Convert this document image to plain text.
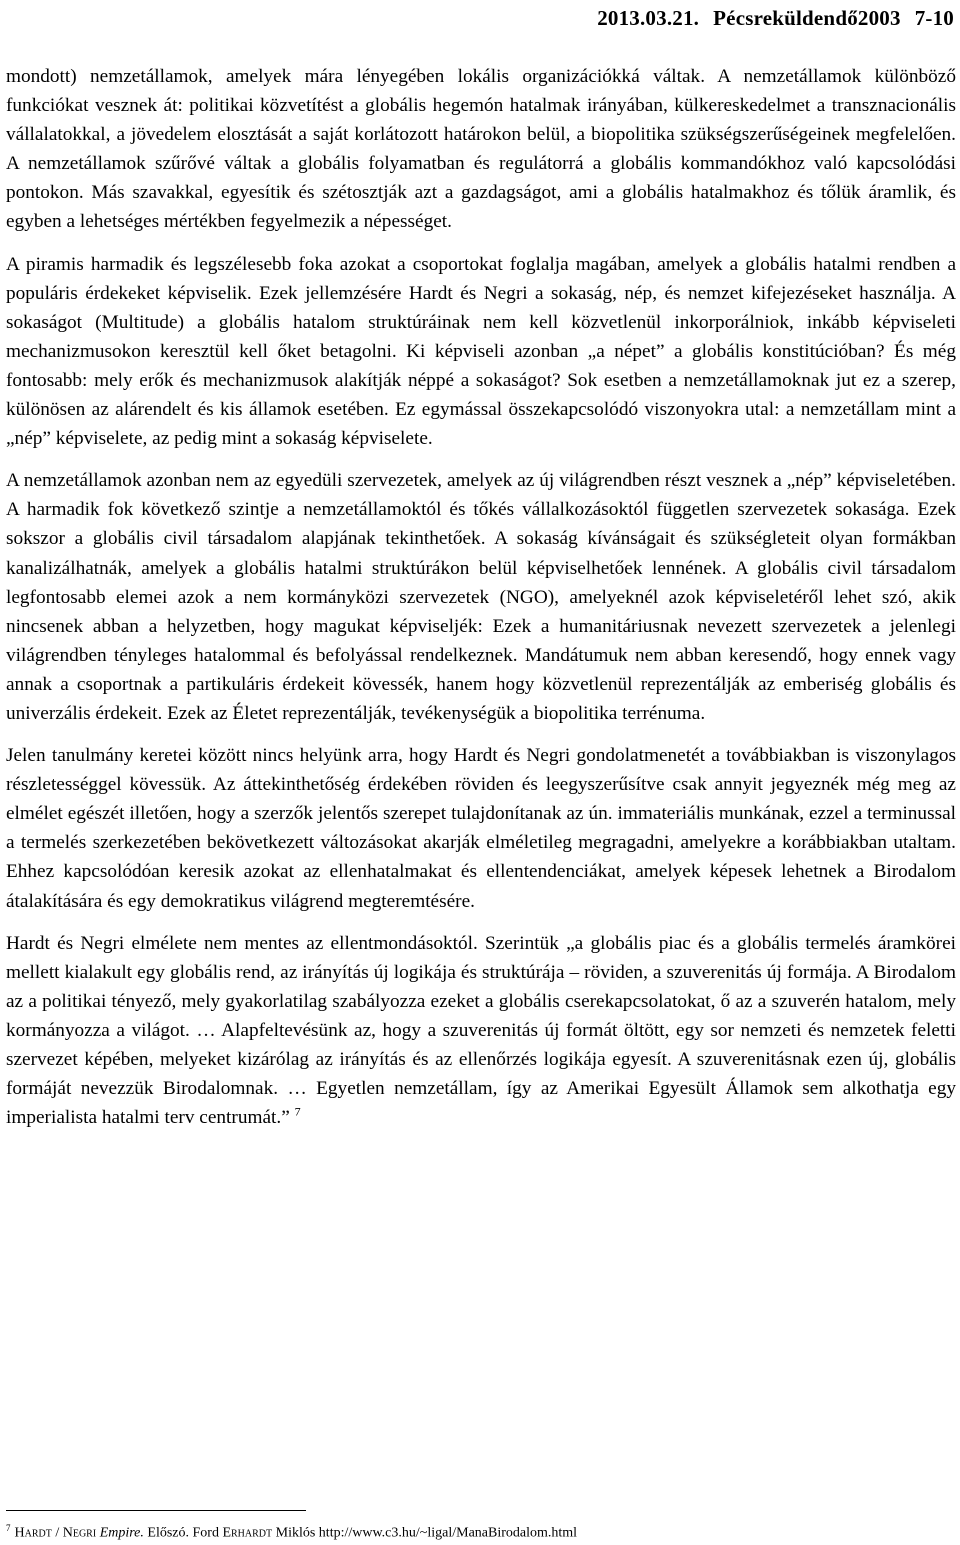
2013.03.21. Pécsreküldendő2003 7-10

mondott) nemzetállamok, amelyek mára lényegében lokális organizációkká váltak. A nemzetállamok különböző funkciókat vesznek át: politikai közvetítést a globális hegemón hatalmak irányában, külkereskedelmet a transznacionális vállalatokkal, a jövedelem elosztását a saját korlátozott határokon belül, a biopolitika szükségszerűségeinek megfelelően. A nemzetállamok szűrővé váltak a globális folyamatban és regulátorrá a globális kommandókhoz való kapcsolódási pontokon. Más szavakkal, egyesítik és szétosztják azt a gazdagságot, ami a globális hatalmakhoz és tőlük áramlik, és egyben a lehetséges mértékben fegyelmezik a népességet.

A piramis harmadik és legszélesebb foka azokat a csoportokat foglalja magában, amelyek a globális hatalmi rendben a populáris érdekeket képviselik. Ezek jellemzésére Hardt és Negri a sokaság, nép, és nemzet kifejezéseket használja. A sokaságot (Multitude) a globális hatalom struktúráinak nem kell közvetlenül inkorporálniok, inkább képviseleti mechanizmusokon keresztül kell őket betagolni. Ki képviseli azonban „a népet” a globális konstitúcióban? És még fontosabb: mely erők és mechanizmusok alakítják néppé a sokaságot? Sok esetben a nemzetállamoknak jut ez a szerep, különösen az alárendelt és kis államok esetében. Ez egymással összekapcsolódó viszonyokra utal: a nemzetállam mint a „nép” képviselete, az pedig mint a sokaság képviselete.

A nemzetállamok azonban nem az egyedüli szervezetek, amelyek az új világrendben részt vesznek a „nép” képviseletében. A harmadik fok következő szintje a nemzetállamoktól és tőkés vállalkozásoktól független szervezetek sokasága. Ezek sokszor a globális civil társadalom alapjának tekinthetőek. A sokaság kívánságait és szükségleteit olyan formákban kanalizálhatnák, amelyek a globális hatalmi struktúrákon belül képviselhetőek lennének. A globális civil társadalom legfontosabb elemei azok a nem kormányközi szervezetek (NGO), amelyeknél azok képviseletéről lehet szó, akik nincsenek abban a helyzetben, hogy magukat képviseljék: Ezek a humanitáriusnak nevezett szervezetek a jelenlegi világrendben tényleges hatalommal és befolyással rendelkeznek. Mandátumuk nem abban keresendő, hogy ennek vagy annak a csoportnak a partikuláris érdekeit kövessék, hanem hogy közvetlenül reprezentálják az emberiség globális és univerzális érdekeit. Ezek az Életet reprezentálják, tevékenységük a biopolitika terrénuma.

Jelen tanulmány keretei között nincs helyünk arra, hogy Hardt és Negri gondolatmenetét a továbbiakban is viszonylagos részletességgel kövessük. Az áttekinthetőség érdekében röviden és leegyszerűsítve csak annyit jegyeznék még meg az elmélet egészét illetően, hogy a szerzők jelentős szerepet tulajdonítanak az ún. immateriális munkának, ezzel a terminussal a termelés szerkezetében bekövetkezett változásokat akarják elméletileg megragadni, amelyekre a korábbiakban utaltam. Ehhez kapcsolódóan keresik azokat az ellenhatalmakat és ellentendenciákat, amelyek képesek lehetnek a Birodalom átalakítására és egy demokratikus világrend megteremtésére.

Hardt és Negri elmélete nem mentes az ellentmondásoktól. Szerintük „a globális piac és a globális termelés áramkörei mellett kialakult egy globális rend, az irányítás új logikája és struktúrája – röviden, a szuverenitás új formája. A Birodalom az a politikai tényező, mely gyakorlatilag szabályozza ezeket a globális cserekapcsolatokat, ő az a szuverén hatalom, mely kormányozza a világot. … Alapfeltevésünk az, hogy a szuverenitás új formát öltött, egy sor nemzeti és nemzetek feletti szervezet képében, melyeket kizárólag az irányítás és az ellenőrzés logikája egyesít. A szuverenitásnak ezen új, globális formáját nevezzük Birodalomnak. … Egyetlen nemzetállam, így az Amerikai Egyesült Államok sem alkothatja egy imperialista hatalmi terv centrumát.” $^7$

$^7$ Hardt / Negri Empire. Előszó. Ford Erhardt Miklós http://www.c3.hu/~ligal/ManaBirodalom.html
